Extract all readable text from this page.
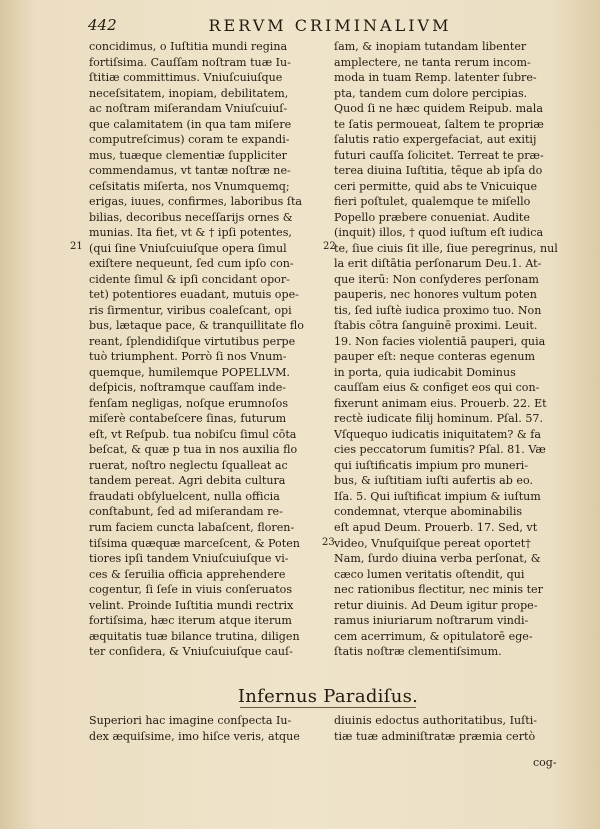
442	RERVM CRIMINALIVM
21	22
23
concidimus, o Iuſtitia mundi regina
fortiſsima. Cauſſam noſtram tuæ Iu-
ſtitiæ committimus. Vniuſcuiuſque
neceſsitatem, inopiam, debilitatem,
ac noſtram miſerandam Vniuſcuiuſ-
que calamitatem (in qua tam miſere
computreſcimus) coram te expandi-
mus, tuæque clementiæ ſuppliciter
commendamus, vt tantæ noſtræ ne-
ceſsitatis miſerta, nos Vnumquemq;
erigas, iuues, confirmes, laboribus ſta
bilias, decoribus neceſſarijs ornes &
munias. Ita fiet, vt & † ipſi potentes,
(qui ſine Vniuſcuiuſque opera ſimul
exiſtere nequeunt, ſed cum ipſo con-
cidente ſimul & ipſi concidant opor-
tet) potentiores euadant, mutuis ope-
ris ſirmentur, viribus coaleſcant, opi
bus, lætaque pace, & tranquillitate flo
reant, ſplendidiſque virtutibus perpe
tuò triumphent. Porrò ſi nos Vnum-
quemque, humilemque POPELLVM.
deſpicis, noſtramque cauſſam inde-
fenſam negligas, noſque erumnoſos
miſerè contabeſcere ſinas, futurum
eſt, vt Reſpub. tua nobiſcu ſimul cōta
beſcat, & quæ p tua in nos auxilia flo
ruerat, noſtro neglectu ſqualleat ac
tandem pereat. Agri debita cultura
fraudati obſyluelcent, nulla officia
conſtabunt, ſed ad miſerandam re-
rum faciem cuncta labaſcent, floren-
tiſsima quæquæ marceſcent, & Poten
tiores ipſi tandem Vniuſcuiuſque vi-
ces & ſeruilia officia apprehendere
cogentur, ſi ſeſe in viuis conſeruatos
velint. Proinde Iuſtitia mundi rectrix
fortiſsima, hæc iterum atque iterum
æquitatis tuæ bilance trutina, diligen
ter conſidera, & Vniuſcuiuſque cauſ-
ſam, & inopiam tutandam libenter
amplectere, ne tanta rerum incom-
moda in tuam Remp. latenter ſubre-
pta, tandem cum dolore percipias.
Quod ſi ne hæc quidem Reipub. mala
te ſatis permoueat, ſaltem te propriæ
ſalutis ratio expergefaciat, aut exitij
futuri cauſſa ſolicitet. Terreat te præ-
terea diuina Iuſtitia, tēque ab ipſa do
ceri permitte, quid abs te Vnicuique
fieri poſtulet, qualemque te miſello
Popello præbere conueniat. Audite
(inquit) illos, † quod iuſtum eſt iudica
te, ſiue ciuis ſit ille, ſiue peregrinus, nul
la erit diſtātia perſonarum Deu.1. At-
que iterū: Non conſyderes perſonam
pauperis, nec honores vultum poten
tis, ſed iuſtè iudica proximo tuo. Non
ſtabis cōtra ſanguinē proximi. Leuit.
19. Non facies violentiā pauperi, quia
pauper eſt: neque conteras egenum
in porta, quia iudicabit Dominus
cauſſam eius & configet eos qui con-
fixerunt animam eius. Prouerb. 22. Et
rectè iudicate filij hominum. Pſal. 57.
Vſquequo iudicatis iniquitatem? & fa
cies peccatorum ſumitis? Pſal. 81. Væ
qui iuſtificatis impium pro muneri-
bus, & iuſtitiam iuſti aufertis ab eo.
Iſa. 5. Qui iuſtificat impium & iuſtum
condemnat, vterque abominabilis
eſt apud Deum. Prouerb. 17. Sed, vt
video, Vnuſquiſque pereat oportet†
Nam, ſurdo diuina verba perſonat, &
cæco lumen veritatis oſtendit, qui
nec rationibus flectitur, nec minis ter
retur diuinis. Ad Deum igitur prope-
ramus iniuriarum noſtrarum vindi-
cem acerrimum, & opitulatorē ege-
ſtatis noſtræ clementiſsimum.
Infernus Paradiſus.
Superiori hac imagine conſpecta Iu-
dex æquiſsime, imo hiſce veris, atque
diuinis edoctus authoritatibus, Iuſti-
tiæ tuæ adminiſtratæ præmia certò
cog-
